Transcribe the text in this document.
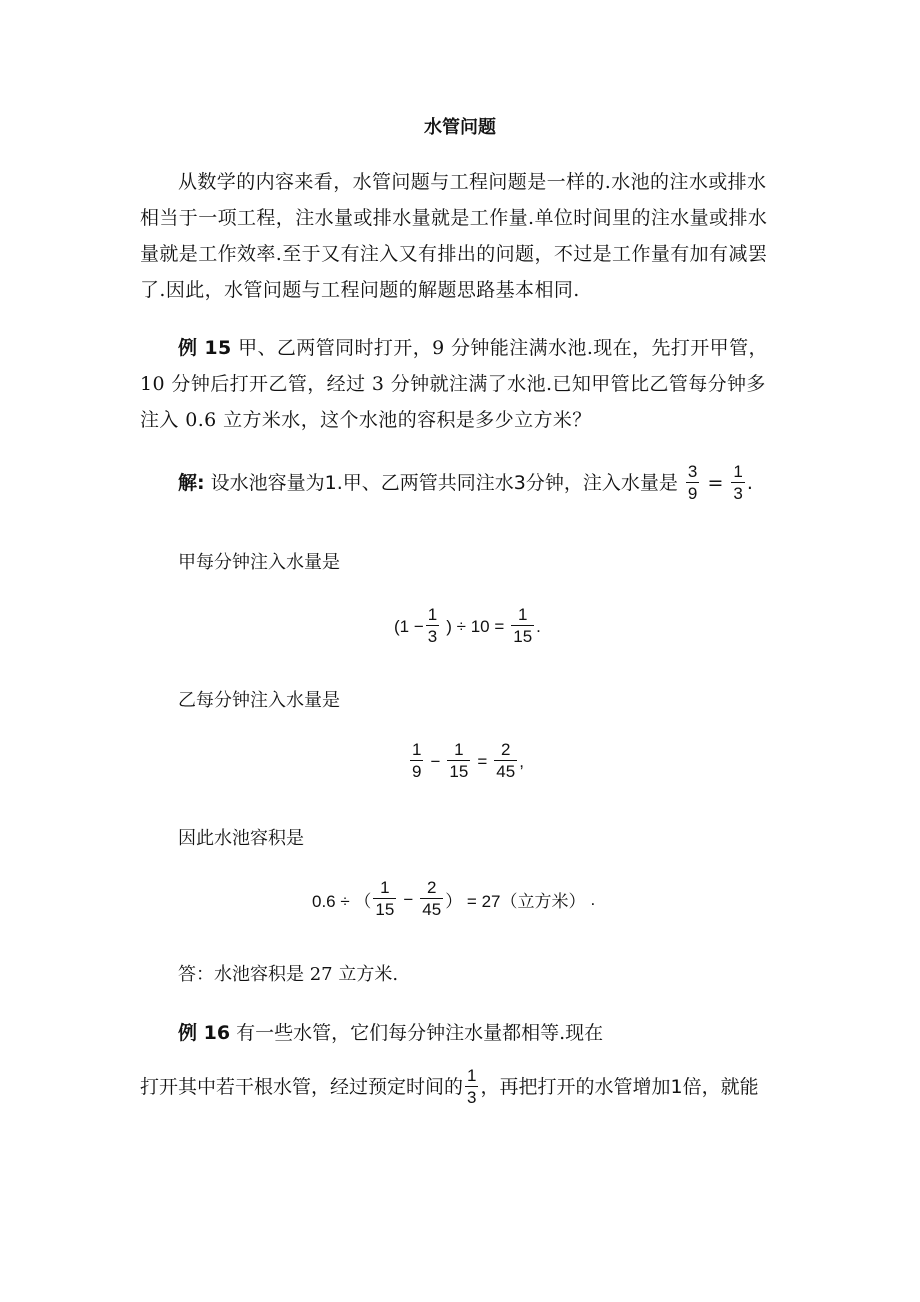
水管问题

从数学的内容来看，水管问题与工程问题是一样的.水池的注水或排水相当于一项工程，注水量或排水量就是工作量.单位时间里的注水量或排水量就是工作效率.至于又有注入又有排出的问题，不过是工作量有加有减罢了.因此，水管问题与工程问题的解题思路基本相同.

例 15 甲、乙两管同时打开，9 分钟能注满水池.现在，先打开甲管，10 分钟后打开乙管，经过 3 分钟就注满了水池.已知甲管比乙管每分钟多注入 0.6 立方米水，这个水池的容积是多少立方米？

解: 设水池容量为1.甲、乙两管共同注水3分钟，注入水量是 $\frac{3}{9} = \frac{1}{3}$ .
甲每分钟注入水量是
($1 - \frac{1}{3}$ ) ÷ $10 = \frac{1}{15}$ .
乙每分钟注入水量是
$\frac{1}{9} - \frac{1}{15} = \frac{2}{45}$ ,
因此水池容积是
0.6 ÷ （ $\frac{1}{15} - \frac{2}{45}$ ） = 27（立方米） .
答：水池容积是 27 立方米.
例 16 有一些水管，它们每分钟注水量都相等.现在
打开其中若干根水管，经过预定时间的 $\frac{1}{3}$ ，再把打开的水管增加1倍，就能
